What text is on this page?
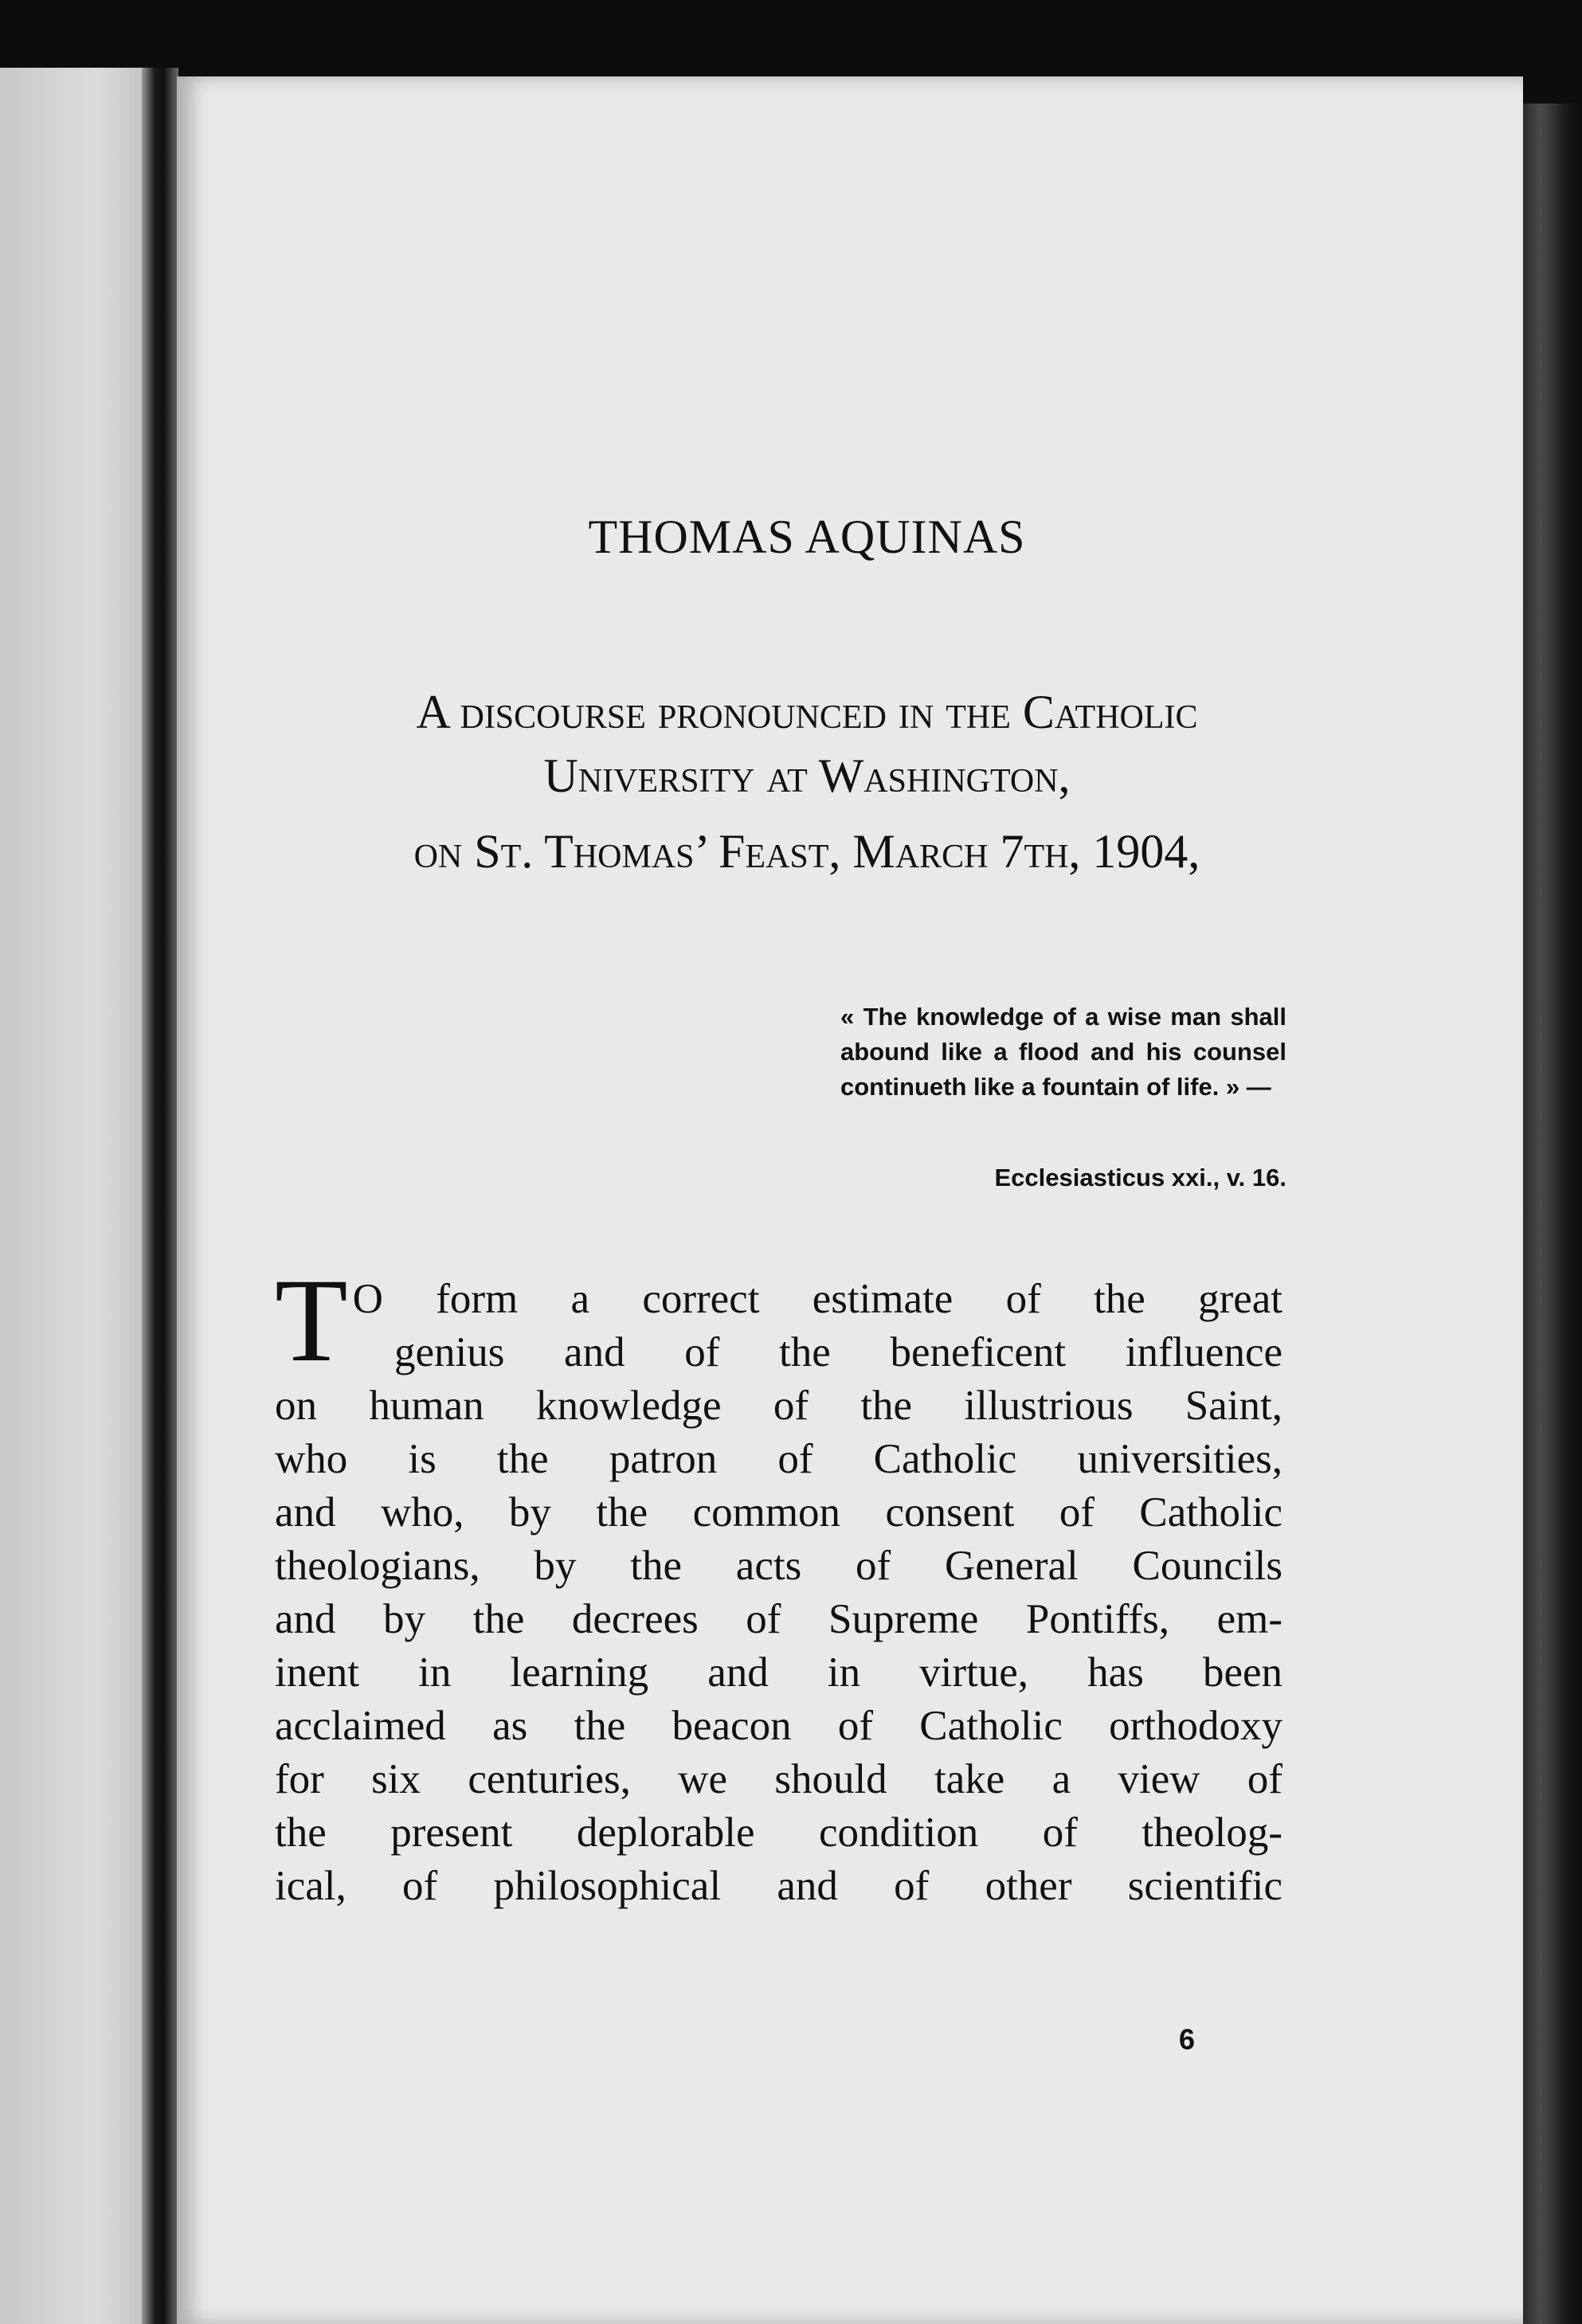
THOMAS AQUINAS
A discourse pronounced in the Catholic
University at Washington,
on St. Thomas’ Feast, March 7th, 1904,
« The knowledge of a wise man shall abound like a flood and his counsel continueth like a fountain of life. » —
Ecclesiasticus xxi., v. 16.
T O form a correct estimate of the great
genius and of the beneficent influence
on human knowledge of the illustrious Saint,
who is the patron of Catholic universities,
and who, by the common consent of Catholic
theologians, by the acts of General Councils
and by the decrees of Supreme Pontiffs, em-
inent in learning and in virtue, has been
acclaimed as the beacon of Catholic orthodoxy
for six centuries, we should take a view of
the present deplorable condition of theolog-
ical, of philosophical and of other scientific
6
